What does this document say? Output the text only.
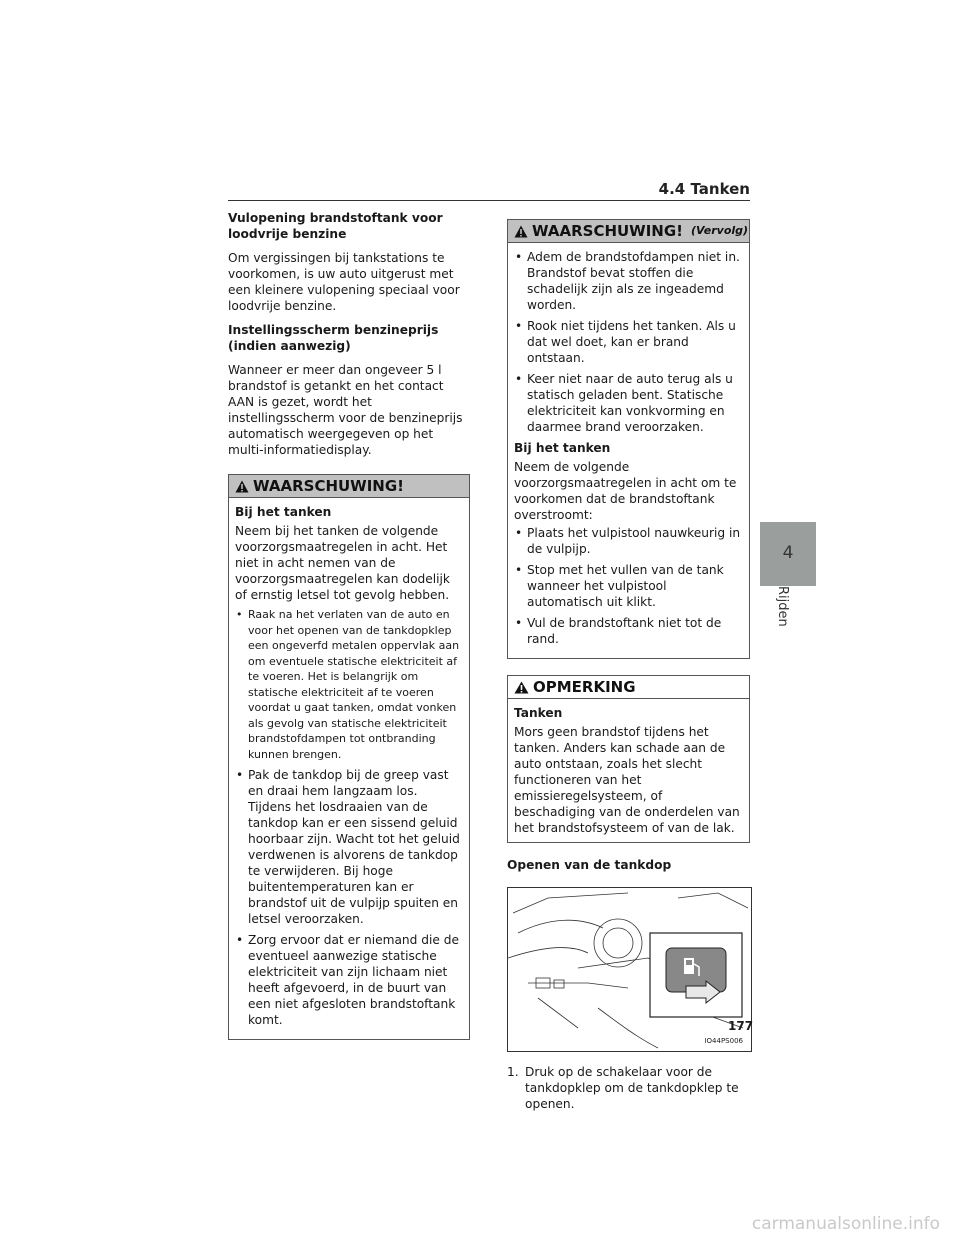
4.4 Tanken

Vulopening brandstoftank voor loodvrije benzine

Om vergissingen bij tankstations te voorkomen, is uw auto uitgerust met een kleinere vulopening speciaal voor loodvrije benzine.

Instellingsscherm benzineprijs (indien aanwezig)

Wanneer er meer dan ongeveer 5 l brandstof is getankt en het contact AAN is gezet, wordt het instellingsscherm voor de benzineprijs automatisch weergegeven op het multi-informatiedisplay.

WAARSCHUWING!

Bij het tanken

Neem bij het tanken de volgende voorzorgsmaatregelen in acht. Het niet in acht nemen van de voorzorgsmaatregelen kan dodelijk of ernstig letsel tot gevolg hebben.

• Raak na het verlaten van de auto en voor het openen van de tankdopklep een ongeverfd metalen oppervlak aan om eventuele statische elektriciteit af te voeren. Het is belangrijk om statische elektriciteit af te voeren voordat u gaat tanken, omdat vonken als gevolg van statische elektriciteit brandstofdampen tot ontbranding kunnen brengen.
• Pak de tankdop bij de greep vast en draai hem langzaam los. Tijdens het losdraaien van de tankdop kan er een sissend geluid hoorbaar zijn. Wacht tot het geluid verdwenen is alvorens de tankdop te verwijderen. Bij hoge buitentemperaturen kan er brandstof uit de vulpijp spuiten en letsel veroorzaken.
• Zorg ervoor dat er niemand die de eventueel aanwezige statische elektriciteit van zijn lichaam niet heeft afgevoerd, in de buurt van een niet afgesloten brandstoftank komt.
WAARSCHUWING! (Vervolg)
• Adem de brandstofdampen niet in. Brandstof bevat stoffen die schadelijk zijn als ze ingeademd worden.
• Rook niet tijdens het tanken. Als u dat wel doet, kan er brand ontstaan.
• Keer niet naar de auto terug als u statisch geladen bent. Statische elektriciteit kan vonkvorming en daarmee brand veroorzaken.

Bij het tanken

Neem de volgende voorzorgsmaatregelen in acht om te voorkomen dat de brandstoftank overstroomt:

• Plaats het vulpistool nauwkeurig in de vulpijp.
• Stop met het vullen van de tank wanneer het vulpistool automatisch uit klikt.
• Vul de brandstoftank niet tot de rand.
OPMERKING

Tanken

Mors geen brandstof tijdens het tanken. Anders kan schade aan de auto ontstaan, zoals het slecht functioneren van het emissieregelsysteem, of beschadiging van de onderdelen van het brandstofsysteem of van de lak.

Openen van de tankdop

IO44PS006
1. Druk op de schakelaar voor de tankdopklep om de tankdopklep te openen.
177
4
Rijden
carmanualsonline.info
